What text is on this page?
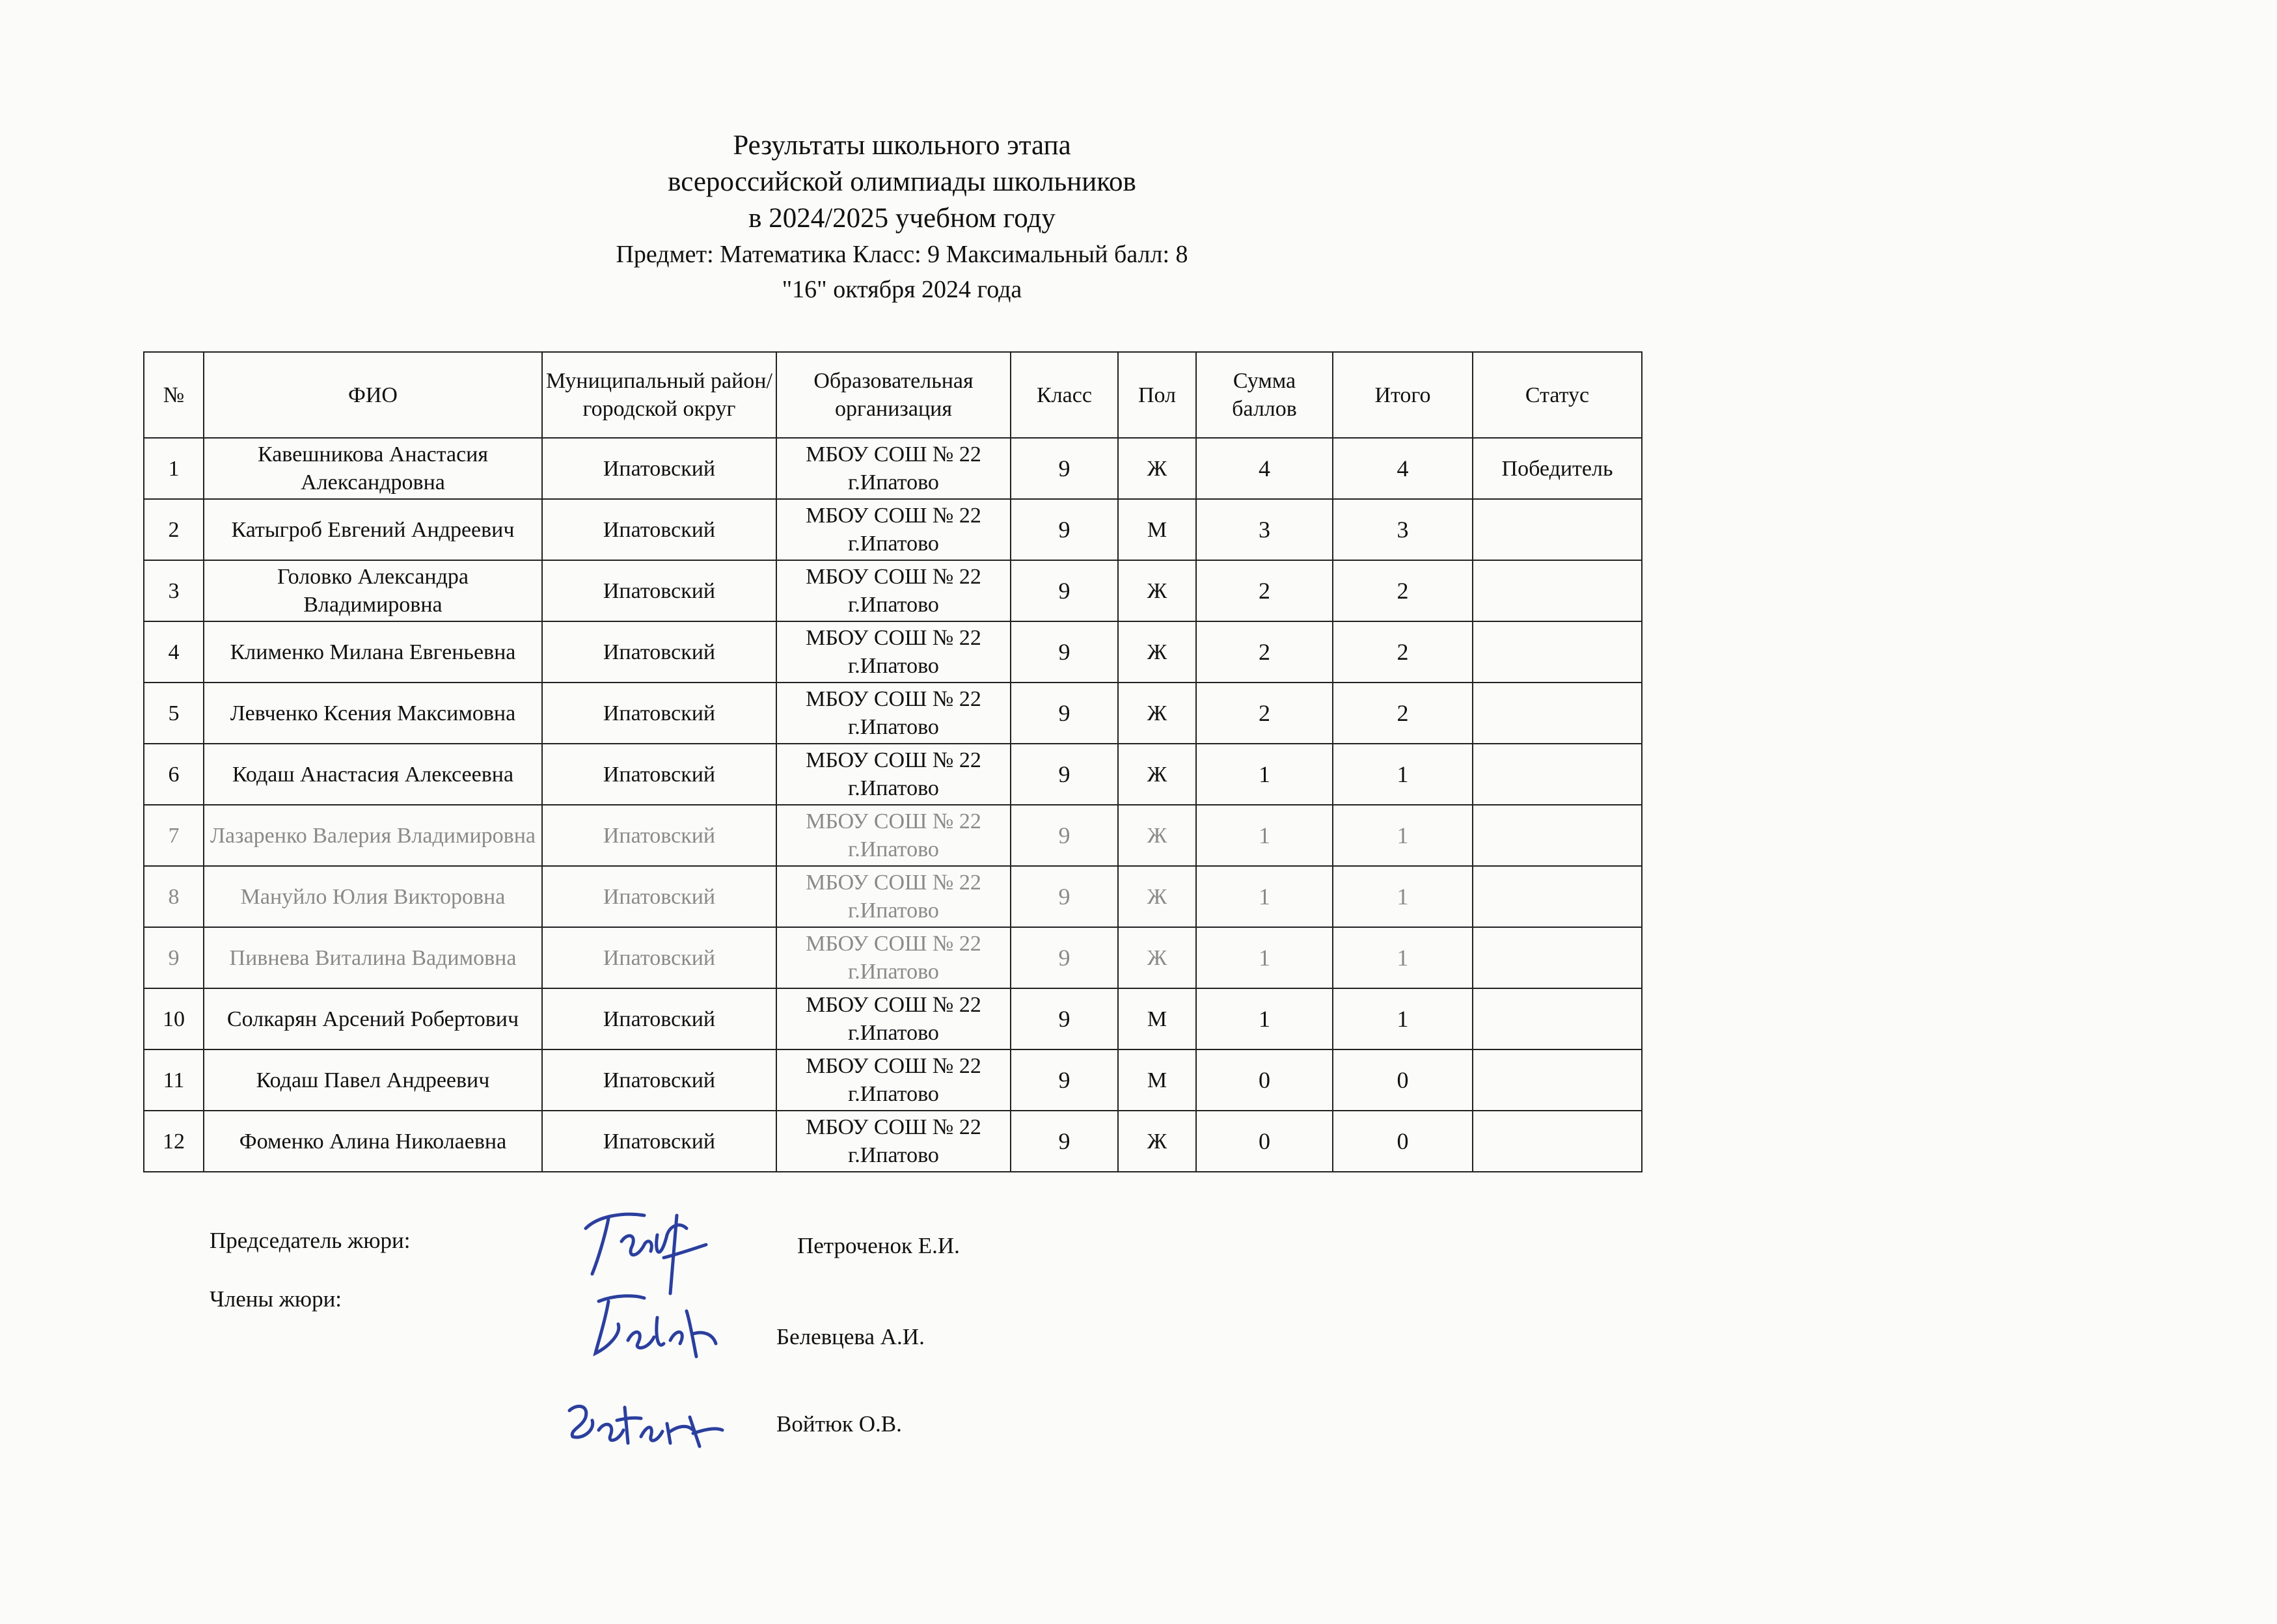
Результаты школьного этапа
всероссийской олимпиады школьников
в 2024/2025 учебном году
Предмет: Математика Класс: 9 Максимальный балл: 8
"16" октября 2024 года
№	ФИО	Муниципальный район/городской округ	Образовательная организация	Класс	Пол	Сумма баллов	Итого	Статус
1	Кавешникова Анастасия Александровна	Ипатовский	МБОУ СОШ № 22 г.Ипатово	9	Ж	4	4	Победитель
2	Катыгроб Евгений Андреевич	Ипатовский	МБОУ СОШ № 22 г.Ипатово	9	М	3	3	
3	Головко Александра Владимировна	Ипатовский	МБОУ СОШ № 22 г.Ипатово	9	Ж	2	2	
4	Клименко Милана Евгеньевна	Ипатовский	МБОУ СОШ № 22 г.Ипатово	9	Ж	2	2	
5	Левченко Ксения Максимовна	Ипатовский	МБОУ СОШ № 22 г.Ипатово	9	Ж	2	2	
6	Кодаш Анастасия Алексеевна	Ипатовский	МБОУ СОШ № 22 г.Ипатово	9	Ж	1	1	
7	Лазаренко Валерия Владимировна	Ипатовский	МБОУ СОШ № 22 г.Ипатово	9	Ж	1	1	
8	Мануйло Юлия Викторовна	Ипатовский	МБОУ СОШ № 22 г.Ипатово	9	Ж	1	1	
9	Пивнева Виталина Вадимовна	Ипатовский	МБОУ СОШ № 22 г.Ипатово	9	Ж	1	1	
10	Солкарян Арсений Робертович	Ипатовский	МБОУ СОШ № 22 г.Ипатово	9	М	1	1	
11	Кодаш Павел Андреевич	Ипатовский	МБОУ СОШ № 22 г.Ипатово	9	М	0	0	
12	Фоменко Алина Николаевна	Ипатовский	МБОУ СОШ № 22 г.Ипатово	9	Ж	0	0	
Председатель жюри:	Петроченок Е.И.
Члены жюри:
Белевцева А.И.
Войтюк О.В.
